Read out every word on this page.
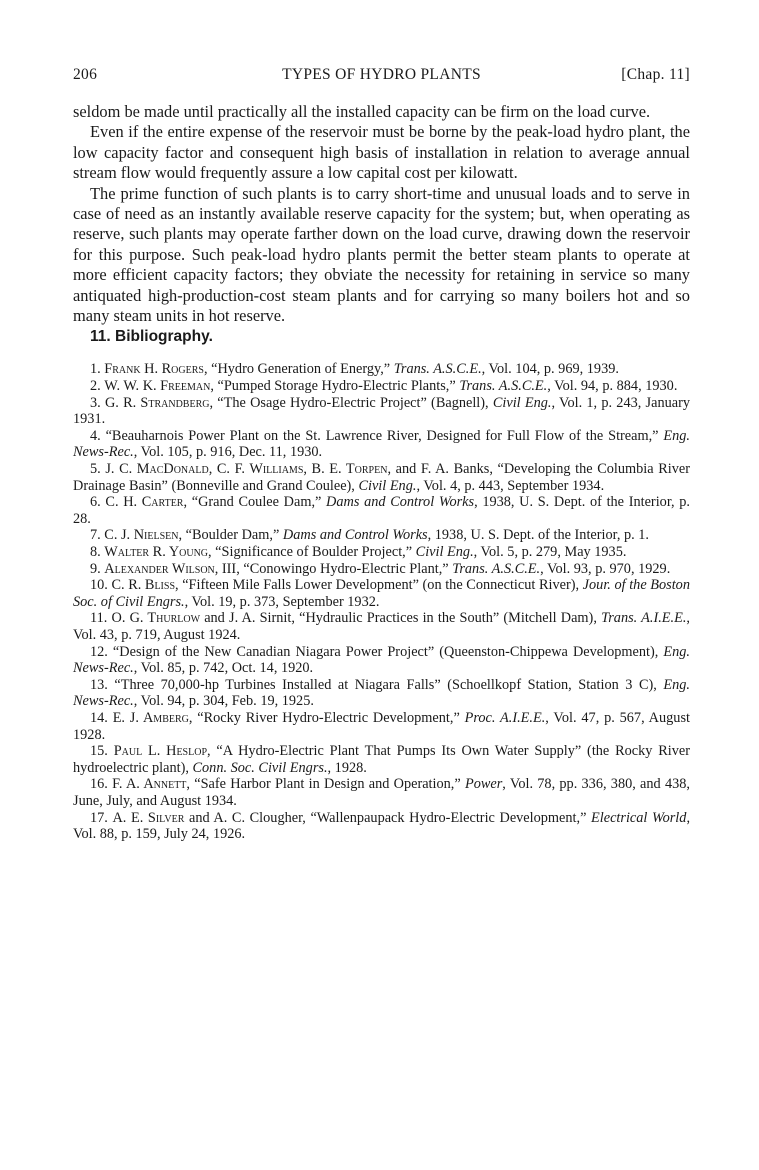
206	TYPES OF HYDRO PLANTS	[Chap. 11]

seldom be made until practically all the installed capacity can be firm on the load curve.

Even if the entire expense of the reservoir must be borne by the peak-load hydro plant, the low capacity factor and consequent high basis of installation in relation to average annual stream flow would frequently assure a low capital cost per kilowatt.

The prime function of such plants is to carry short-time and unusual loads and to serve in case of need as an instantly available reserve capacity for the system; but, when operating as reserve, such plants may operate farther down on the load curve, drawing down the reservoir for this purpose. Such peak-load hydro plants permit the better steam plants to operate at more efficient capacity factors; they obviate the necessity for retaining in service so many antiquated high-production-cost steam plants and for carrying so many boilers hot and so many steam units in hot reserve.

11. Bibliography.

1. Frank H. Rogers, “Hydro Generation of Energy,” Trans. A.S.C.E., Vol. 104, p. 969, 1939.

2. W. W. K. Freeman, “Pumped Storage Hydro-Electric Plants,” Trans. A.S.C.E., Vol. 94, p. 884, 1930.

3. G. R. Strandberg, “The Osage Hydro-Electric Project” (Bagnell), Civil Eng., Vol. 1, p. 243, January 1931.

4. “Beauharnois Power Plant on the St. Lawrence River, Designed for Full Flow of the Stream,” Eng. News-Rec., Vol. 105, p. 916, Dec. 11, 1930.

5. J. C. MacDonald, C. F. Williams, B. E. Torpen, and F. A. Banks, “Developing the Columbia River Drainage Basin” (Bonneville and Grand Coulee), Civil Eng., Vol. 4, p. 443, September 1934.

6. C. H. Carter, “Grand Coulee Dam,” Dams and Control Works, 1938, U. S. Dept. of the Interior, p. 28.

7. C. J. Nielsen, “Boulder Dam,” Dams and Control Works, 1938, U. S. Dept. of the Interior, p. 1.

8. Walter R. Young, “Significance of Boulder Project,” Civil Eng., Vol. 5, p. 279, May 1935.

9. Alexander Wilson, III, “Conowingo Hydro-Electric Plant,” Trans. A.S.C.E., Vol. 93, p. 970, 1929.

10. C. R. Bliss, “Fifteen Mile Falls Lower Development” (on the Connecticut River), Jour. of the Boston Soc. of Civil Engrs., Vol. 19, p. 373, September 1932.

11. O. G. Thurlow and J. A. Sirnit, “Hydraulic Practices in the South” (Mitchell Dam), Trans. A.I.E.E., Vol. 43, p. 719, August 1924.

12. “Design of the New Canadian Niagara Power Project” (Queenston-Chippewa Development), Eng. News-Rec., Vol. 85, p. 742, Oct. 14, 1920.

13. “Three 70,000-hp Turbines Installed at Niagara Falls” (Schoellkopf Station, Station 3 C), Eng. News-Rec., Vol. 94, p. 304, Feb. 19, 1925.

14. E. J. Amberg, “Rocky River Hydro-Electric Development,” Proc. A.I.E.E., Vol. 47, p. 567, August 1928.

15. Paul L. Heslop, “A Hydro-Electric Plant That Pumps Its Own Water Supply” (the Rocky River hydroelectric plant), Conn. Soc. Civil Engrs., 1928.

16. F. A. Annett, “Safe Harbor Plant in Design and Operation,” Power, Vol. 78, pp. 336, 380, and 438, June, July, and August 1934.

17. A. E. Silver and A. C. Clougher, “Wallenpaupack Hydro-Electric Development,” Electrical World, Vol. 88, p. 159, July 24, 1926.
